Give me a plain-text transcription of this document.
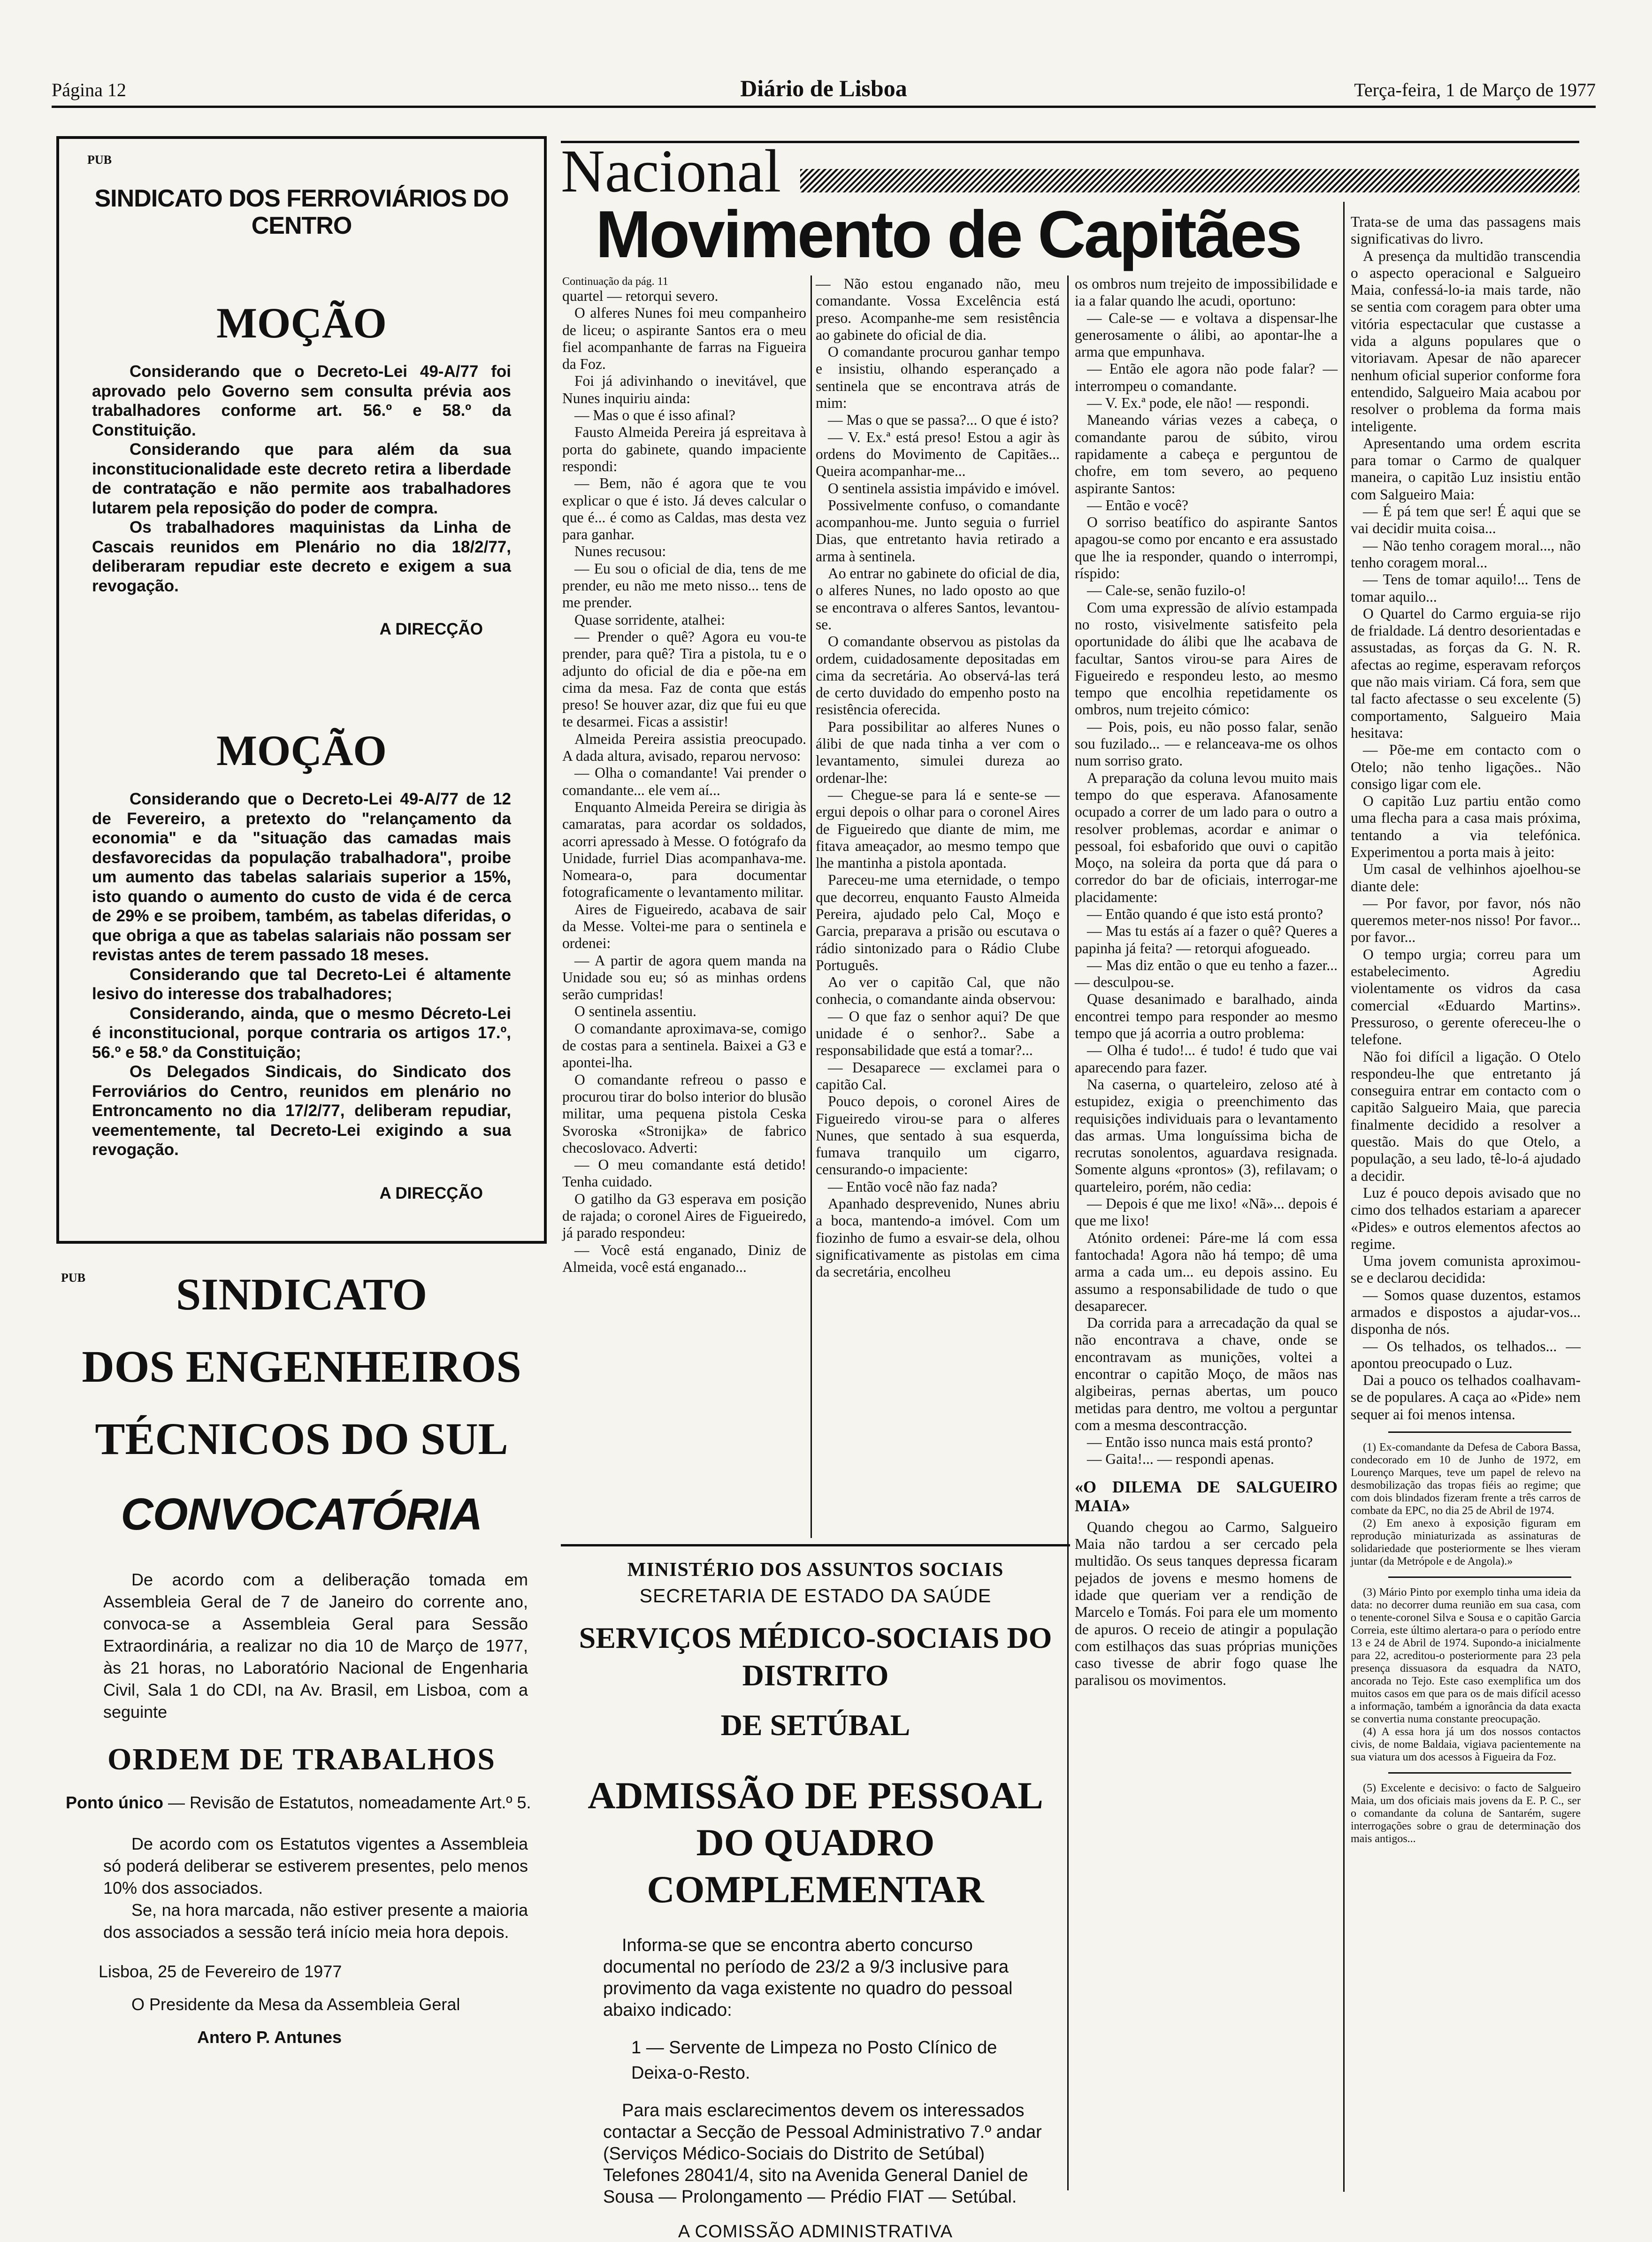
Página 12	Diário de Lisboa	Terça-feira, 1 de Março de 1977
PUB
SINDICATO DOS FERROVIÁRIOS DO CENTRO
MOÇÃO

Considerando que o Decreto-Lei 49-A/77 foi aprovado pelo Governo sem consulta prévia aos trabalhadores conforme art. 56.º e 58.º da Constituição.

Considerando que para além da sua inconstitucionalidade este decreto retira a liberdade de contratação e não permite aos trabalhadores lutarem pela reposição do poder de compra.

Os trabalhadores maquinistas da Linha de Cascais reunidos em Plenário no dia 18/2/77, deliberaram repudiar este decreto e exigem a sua revogação.

A DIRECÇÃO
MOÇÃO

Considerando que o Decreto-Lei 49-A/77 de 12 de Fevereiro, a pretexto do "relançamento da economia" e da "situação das camadas mais desfavorecidas da população trabalhadora", proibe um aumento das tabelas salariais superior a 15%, isto quando o aumento do custo de vida é de cerca de 29% e se proibem, também, as tabelas diferidas, o que obriga a que as tabelas salariais não possam ser revistas antes de terem passado 18 meses.

Considerando que tal Decreto-Lei é altamente lesivo do interesse dos trabalhadores;

Considerando, ainda, que o mesmo Décreto-Lei é inconstitucional, porque contraria os artigos 17.º, 56.º e 58.º da Constituição;

Os Delegados Sindicais, do Sindicato dos Ferroviários do Centro, reunidos em plenário no Entroncamento no dia 17/2/77, deliberam repudiar, veementemente, tal Decreto-Lei exigindo a sua revogação.

A DIRECÇÃO
PUB	SINDICATO
DOS ENGENHEIROS
TÉCNICOS DO SUL
CONVOCATÓRIA

De acordo com a deliberação tomada em Assembleia Geral de 7 de Janeiro do corrente ano, convoca-se a Assembleia Geral para Sessão Extraordinária, a realizar no dia 10 de Março de 1977, às 21 horas, no Laboratório Nacional de Engenharia Civil, Sala 1 do CDI, na Av. Brasil, em Lisboa, com a seguinte

ORDEM DE TRABALHOS
Ponto único — Revisão de Estatutos, nomeadamente Art.º 5.

De acordo com os Estatutos vigentes a Assembleia só poderá deliberar se estiverem presentes, pelo menos 10% dos associados.

Se, na hora marcada, não estiver presente a maioria dos associados a sessão terá início meia hora depois.

Lisboa, 25 de Fevereiro de 1977
O Presidente da Mesa da Assembleia Geral
Antero P. Antunes
Nacional
Movimento de Capitães
Continuação da pág. 11

quartel — retorqui severo.

O alferes Nunes foi meu companheiro de liceu; o aspirante Santos era o meu fiel acompanhante de farras na Figueira da Foz.

Foi já adivinhando o inevitável, que Nunes inquiriu ainda:

— Mas o que é isso afinal?

Fausto Almeida Pereira já espreitava à porta do gabinete, quando impaciente respondi:

— Bem, não é agora que te vou explicar o que é isto. Já deves calcular o que é... é como as Caldas, mas desta vez para ganhar.

Nunes recusou:

— Eu sou o oficial de dia, tens de me prender, eu não me meto nisso... tens de me prender.

Quase sorridente, atalhei:

— Prender o quê? Agora eu vou-te prender, para quê? Tira a pistola, tu e o adjunto do oficial de dia e põe-na em cima da mesa. Faz de conta que estás preso! Se houver azar, diz que fui eu que te desarmei. Ficas a assistir!

Almeida Pereira assistia preocupado. A dada altura, avisado, reparou nervoso:

— Olha o comandante! Vai prender o comandante... ele vem aí...

Enquanto Almeida Pereira se dirigia às camaratas, para acordar os soldados, acorri apressado à Messe. O fotógrafo da Unidade, furriel Dias acompanhava-me. Nomeara-o, para documentar fotograficamente o levantamento militar.

Aires de Figueiredo, acabava de sair da Messe. Voltei-me para o sentinela e ordenei:

— A partir de agora quem manda na Unidade sou eu; só as minhas ordens serão cumpridas!

O sentinela assentiu.

O comandante aproximava-se, comigo de costas para a sentinela. Baixei a G3 e apontei-lha.

O comandante refreou o passo e procurou tirar do bolso interior do blusão militar, uma pequena pistola Ceska Svoroska «Stronijka» de fabrico checoslovaco. Adverti:

— O meu comandante está detido! Tenha cuidado.

O gatilho da G3 esperava em posição de rajada; o coronel Aires de Figueiredo, já parado respondeu:

— Você está enganado, Diniz de Almeida, você está enganado...

— Não estou enganado não, meu comandante. Vossa Excelência está preso. Acompanhe-me sem resistência ao gabinete do oficial de dia.

O comandante procurou ganhar tempo e insistiu, olhando esperançado a sentinela que se encontrava atrás de mim:

— Mas o que se passa?... O que é isto?

— V. Ex.ª está preso! Estou a agir às ordens do Movimento de Capitães... Queira acompanhar-me...

O sentinela assistia impávido e imóvel.

Possivelmente confuso, o comandante acompanhou-me. Junto seguia o furriel Dias, que entretanto havia retirado a arma à sentinela.

Ao entrar no gabinete do oficial de dia, o alferes Nunes, no lado oposto ao que se encontrava o alferes Santos, levantou-se.

O comandante observou as pistolas da ordem, cuidadosamente depositadas em cima da secretária. Ao observá-las terá de certo duvidado do empenho posto na resistência oferecida.

Para possibilitar ao alferes Nunes o álibi de que nada tinha a ver com o levantamento, simulei dureza ao ordenar-lhe:

— Chegue-se para lá e sente-se — ergui depois o olhar para o coronel Aires de Figueiredo que diante de mim, me fitava ameaçador, ao mesmo tempo que lhe mantinha a pistola apontada.

Pareceu-me uma eternidade, o tempo que decorreu, enquanto Fausto Almeida Pereira, ajudado pelo Cal, Moço e Garcia, preparava a prisão ou escutava o rádio sintonizado para o Rádio Clube Português.

Ao ver o capitão Cal, que não conhecia, o comandante ainda observou:

— O que faz o senhor aqui? De que unidade é o senhor?.. Sabe a responsabilidade que está a tomar?...

— Desaparece — exclamei para o capitão Cal.

Pouco depois, o coronel Aires de Figueiredo virou-se para o alferes Nunes, que sentado à sua esquerda, fumava tranquilo um cigarro, censurando-o impaciente:

— Então você não faz nada?

Apanhado desprevenido, Nunes abriu a boca, mantendo-a imóvel. Com um fiozinho de fumo a esvair-se dela, olhou significativamente as pistolas em cima da secretária, encolheu

os ombros num trejeito de impossibilidade e ia a falar quando lhe acudi, oportuno:

— Cale-se — e voltava a dispensar-lhe generosamente o álibi, ao apontar-lhe a arma que empunhava.

— Então ele agora não pode falar? — interrompeu o comandante.

— V. Ex.ª pode, ele não! — respondi.

Maneando várias vezes a cabeça, o comandante parou de súbito, virou rapidamente a cabeça e perguntou de chofre, em tom severo, ao pequeno aspirante Santos:

— Então e você?

O sorriso beatífico do aspirante Santos apagou-se como por encanto e era assustado que lhe ia responder, quando o interrompi, ríspido:

— Cale-se, senão fuzilo-o!

Com uma expressão de alívio estampada no rosto, visivelmente satisfeito pela oportunidade do álibi que lhe acabava de facultar, Santos virou-se para Aires de Figueiredo e respondeu lesto, ao mesmo tempo que encolhia repetidamente os ombros, num trejeito cómico:

— Pois, pois, eu não posso falar, senão sou fuzilado... — e relanceava-me os olhos num sorriso grato.

A preparação da coluna levou muito mais tempo do que esperava. Afanosamente ocupado a correr de um lado para o outro a resolver problemas, acordar e animar o pessoal, foi esbaforido que ouvi o capitão Moço, na soleira da porta que dá para o corredor do bar de oficiais, interrogar-me placidamente:

— Então quando é que isto está pronto?

— Mas tu estás aí a fazer o quê? Queres a papinha já feita? — retorqui afogueado.

— Mas diz então o que eu tenho a fazer... — desculpou-se.

Quase desanimado e baralhado, ainda encontrei tempo para responder ao mesmo tempo que já acorria a outro problema:

— Olha é tudo!... é tudo! é tudo que vai aparecendo para fazer.

Na caserna, o quarteleiro, zeloso até à estupidez, exigia o preenchimento das requisições individuais para o levantamento das armas. Uma longuíssima bicha de recrutas sonolentos, aguardava resignada. Somente alguns «prontos» (3), refilavam; o quarteleiro, porém, não cedia:

— Depois é que me lixo! «Nã»... depois é que me lixo!

Atónito ordenei: Páre-me lá com essa fantochada! Agora não há tempo; dê uma arma a cada um... eu depois assino. Eu assumo a responsabilidade de tudo o que desaparecer.

Da corrida para a arrecadação da qual se não encontrava a chave, onde se encontravam as munições, voltei a encontrar o capitão Moço, de mãos nas algibeiras, pernas abertas, um pouco metidas para dentro, me voltou a perguntar com a mesma descontracção.

— Então isso nunca mais está pronto?

— Gaita!... — respondi apenas.

«O DILEMA DE SALGUEIRO MAIA»

Quando chegou ao Carmo, Salgueiro Maia não tardou a ser cercado pela multidão. Os seus tanques depressa ficaram pejados de jovens e mesmo homens de idade que queriam ver a rendição de Marcelo e Tomás. Foi para ele um momento de apuros. O receio de atingir a população com estilhaços das suas próprias munições caso tivesse de abrir fogo quase lhe paralisou os movimentos.

Trata-se de uma das passagens mais significativas do livro.

A presença da multidão transcendia o aspecto operacional e Salgueiro Maia, confessá-lo-ia mais tarde, não se sentia com coragem para obter uma vitória espectacular que custasse a vida a alguns populares que o vitoriavam. Apesar de não aparecer nenhum oficial superior conforme fora entendido, Salgueiro Maia acabou por resolver o problema da forma mais inteligente.

Apresentando uma ordem escrita para tomar o Carmo de qualquer maneira, o capitão Luz insistiu então com Salgueiro Maia:

— É pá tem que ser! É aqui que se vai decidir muita coisa...

— Não tenho coragem moral..., não tenho coragem moral...

— Tens de tomar aquilo!... Tens de tomar aquilo...

O Quartel do Carmo erguia-se rijo de frialdade. Lá dentro desorientadas e assustadas, as forças da G. N. R. afectas ao regime, esperavam reforços que não mais viriam. Cá fora, sem que tal facto afectasse o seu excelente (5) comportamento, Salgueiro Maia hesitava:

— Põe-me em contacto com o Otelo; não tenho ligações.. Não consigo ligar com ele.

O capitão Luz partiu então como uma flecha para a casa mais próxima, tentando a via telefónica. Experimentou a porta mais à jeito:

Um casal de velhinhos ajoelhou-se diante dele:

— Por favor, por favor, nós não queremos meter-nos nisso! Por favor... por favor...

O tempo urgia; correu para um estabelecimento. Agrediu violentamente os vidros da casa comercial «Eduardo Martins». Pressuroso, o gerente ofereceu-lhe o telefone.

Não foi difícil a ligação. O Otelo respondeu-lhe que entretanto já conseguira entrar em contacto com o capitão Salgueiro Maia, que parecia finalmente decidido a resolver a questão. Mais do que Otelo, a população, a seu lado, tê-lo-á ajudado a decidir.

Luz é pouco depois avisado que no cimo dos telhados estariam a aparecer «Pides» e outros elementos afectos ao regime.

Uma jovem comunista aproximou-se e declarou decidida:

— Somos quase duzentos, estamos armados e dispostos a ajudar-vos... disponha de nós.

— Os telhados, os telhados... — apontou preocupado o Luz.

Dai a pouco os telhados coalhavam-se de populares. A caça ao «Pide» nem sequer ai foi menos intensa.

(1) Ex-comandante da Defesa de Cabora Bassa, condecorado em 10 de Junho de 1972, em Lourenço Marques, teve um papel de relevo na desmobilização das tropas fiéis ao regime; que com dois blindados fizeram frente a três carros de combate da EPC, no dia 25 de Abril de 1974.

(2) Em anexo à exposição figuram em reprodução miniaturizada as assinaturas de solidariedade que posteriormente se lhes vieram juntar (da Metrópole e de Angola).»

(3) Mário Pinto por exemplo tinha uma ideia da data: no decorrer duma reunião em sua casa, com o tenente-coronel Silva e Sousa e o capitão Garcia Correia, este último alertara-o para o período entre 13 e 24 de Abril de 1974. Supondo-a inicialmente para 22, acreditou-o posteriormente para 23 pela presença dissuasora da esquadra da NATO, ancorada no Tejo. Este caso exemplifica um dos muitos casos em que para os de mais difícil acesso a informação, também a ignorância da data exacta se convertia numa constante preocupação.

(4) A essa hora já um dos nossos contactos civis, de nome Baldaia, vigiava pacientemente na sua viatura um dos acessos à Figueira da Foz.

(5) Excelente e decisivo: o facto de Salgueiro Maia, um dos oficiais mais jovens da E. P. C., ser o comandante da coluna de Santarém, sugere interrogações sobre o grau de determinação dos mais antigos...

MINISTÉRIO DOS ASSUNTOS SOCIAIS
SECRETARIA DE ESTADO DA SAÚDE
SERVIÇOS MÉDICO-SOCIAIS DO DISTRITO
DE SETÚBAL
ADMISSÃO DE PESSOAL
DO QUADRO COMPLEMENTAR

Informa-se que se encontra aberto concurso documental no período de 23/2 a 9/3 inclusive para provimento da vaga existente no quadro do pessoal abaixo indicado:

1 — Servente de Limpeza no Posto Clínico de Deixa-o-Resto.

Para mais esclarecimentos devem os interessados contactar a Secção de Pessoal Administrativo 7.º andar (Serviços Médico-Sociais do Distrito de Setúbal) Telefones 28041/4, sito na Avenida General Daniel de Sousa — Prolongamento — Prédio FIAT — Setúbal.

A COMISSÃO ADMINISTRATIVA
